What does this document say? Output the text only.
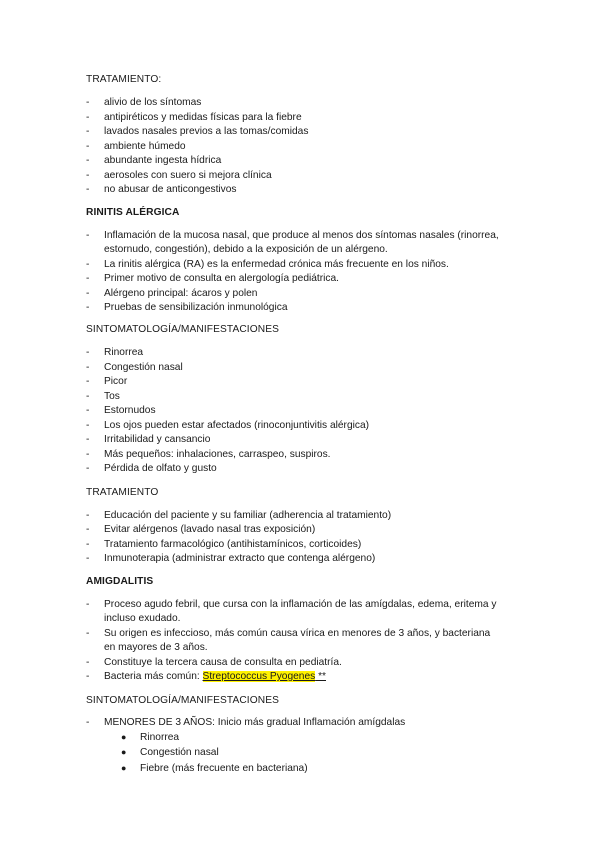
TRATAMIENTO:

- alivio de los síntomas
- antipiréticos y medidas físicas para la fiebre
- lavados nasales previos a las tomas/comidas
- ambiente húmedo
- abundante ingesta hídrica
- aerosoles con suero si mejora clínica
- no abusar de anticongestivos

RINITIS ALÉRGICA

- Inflamación de la mucosa nasal, que produce al menos dos síntomas nasales (rinorrea,
estornudo, congestión), debido a la exposición de un alérgeno.
- La rinitis alérgica (RA) es la enfermedad crónica más frecuente en los niños.
- Primer motivo de consulta en alergología pediátrica.
- Alérgeno principal: ácaros y polen
- Pruebas de sensibilización inmunológica

SINTOMATOLOGÍA/MANIFESTACIONES

- Rinorrea
- Congestión nasal
- Picor
- Tos
- Estornudos
- Los ojos pueden estar afectados (rinoconjuntivitis alérgica)
- Irritabilidad y cansancio
- Más pequeños: inhalaciones, carraspeo, suspiros.
- Pérdida de olfato y gusto

TRATAMIENTO

- Educación del paciente y su familiar (adherencia al tratamiento)
- Evitar alérgenos (lavado nasal tras exposición)
- Tratamiento farmacológico (antihistamínicos, corticoides)
- Inmunoterapia (administrar extracto que contenga alérgeno)

AMIGDALITIS

- Proceso agudo febril, que cursa con la inflamación de las amígdalas, edema, eritema y
incluso exudado.
- Su origen es infeccioso, más común causa vírica en menores de 3 años, y bacteriana
en mayores de 3 años.
- Constituye la tercera causa de consulta en pediatría.
- Bacteria más común: Streptococcus Pyogenes **

SINTOMATOLOGÍA/MANIFESTACIONES

- MENORES DE 3 AÑOS: Inicio más gradual Inflamación amígdalas
● Rinorrea
● Congestión nasal
● Fiebre (más frecuente en bacteriana)
